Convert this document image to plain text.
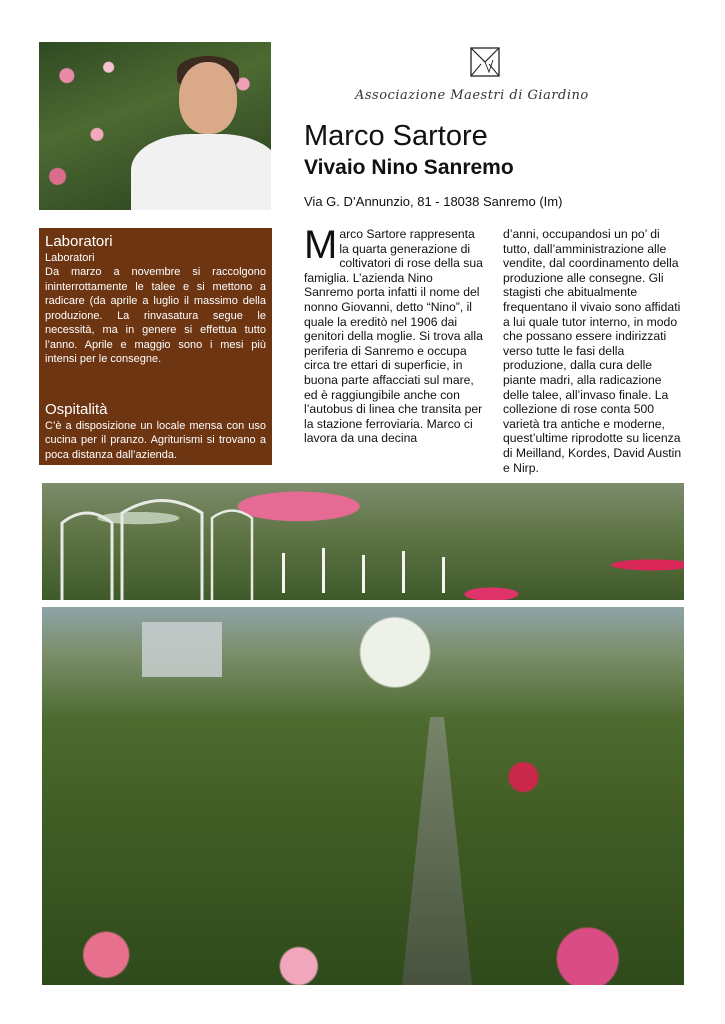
Associazione Maestri di Giardino
Marco Sartore
Vivaio Nino Sanremo
Via G. D’Annunzio, 81 - 18038 Sanremo (Im)
Laboratori
Laboratori
Da marzo a novembre si raccolgono ininterrottamente le talee e si mettono a radicare (da aprile a luglio il massimo della produzione. La rinvasatura segue le necessità, ma in genere si effettua tutto l’anno. Aprile e maggio sono i mesi più intensi per le consegne.
Ospitalità
C’è a disposizione un locale mensa con uso cucina per il pranzo. Agriturismi si trovano a poca distanza dall’azienda.
Marco Sartore rappresenta la quarta generazione di coltivatori di rose della sua famiglia. L’azienda Nino Sanremo porta infatti il nome del nonno Giovanni, detto “Nino”, il quale la ereditò nel 1906 dai genitori della moglie. Si trova alla periferia di Sanremo e occupa circa tre ettari di superficie, in buona parte affacciati sul mare, ed è raggiungibile anche con l’autobus di linea che transita per la stazione ferroviaria. Marco ci lavora da una decina
d’anni, occupandosi un po’ di tutto, dall’amministrazione alle vendite, dal coordinamento della produzione alle consegne. Gli stagisti che abitualmente frequentano il vivaio sono affidati a lui quale tutor interno, in modo che possano essere indirizzati verso tutte le fasi della produzione, dalla cura delle piante madri, alla radicazione delle talee, all’invaso finale. La collezione di rose conta 500 varietà tra antiche e moderne, quest’ultime riprodotte su licenza di Meilland, Kordes, David Austin e Nirp.
